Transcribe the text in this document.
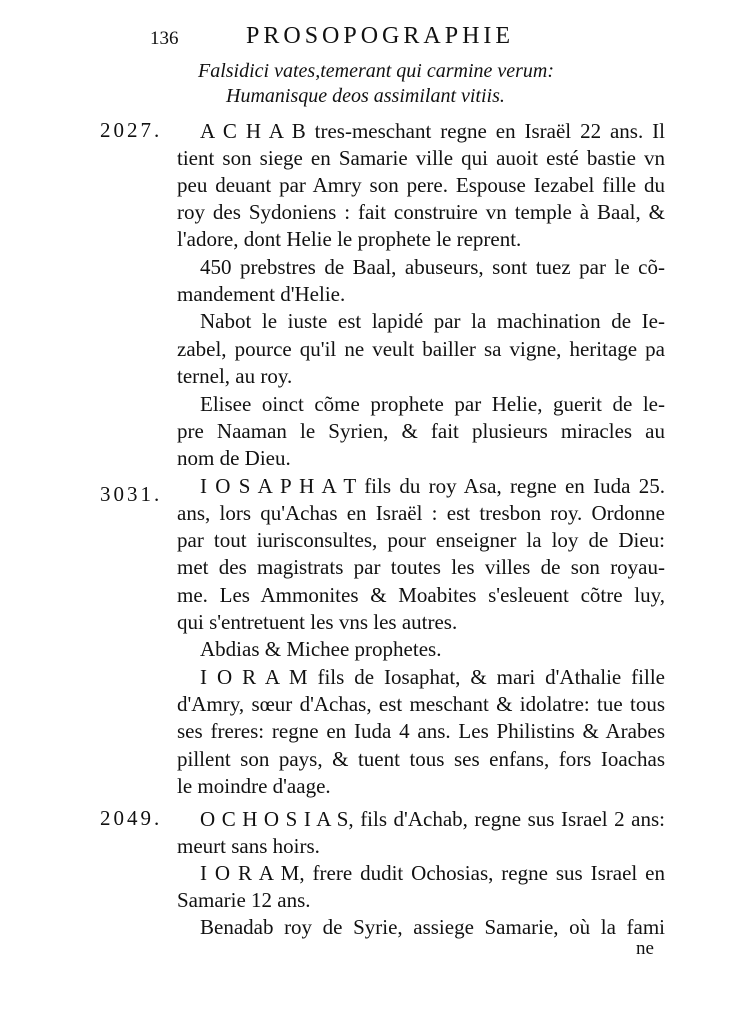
136	PROSOPOGRAPHIE
Falsidici vates,temerant qui carmine verum:
Humanisque deos assimilant vitiis.
2027.
3031.
2049.
A C H A B tres-meschant regne en Israël 22 ans. Il
tient son siege en Samarie ville qui auoit esté bastie vn
peu deuant par Amry son pere. Espouse Iezabel fille du
roy des Sydoniens : fait construire vn temple à Baal, &
l'adore, dont Helie le prophete le reprent.
450 prebstres de Baal, abuseurs, sont tuez par le cõ-
mandement d'Helie.
Nabot le iuste est lapidé par la machination de Ie-
zabel, pource qu'il ne veult bailler sa vigne, heritage pa
ternel, au roy.
Elisee oinct cõme prophete par Helie, guerit de le-
pre Naaman le Syrien, & fait plusieurs miracles au
nom de Dieu.
I O S A P H A T fils du roy Asa, regne en Iuda 25.
ans, lors qu'Achas en Israël : est tresbon roy. Ordonne
par tout iurisconsultes, pour enseigner la loy de Dieu:
met des magistrats par toutes les villes de son royau-
me. Les Ammonites & Moabites s'esleuent cõtre luy,
qui s'entretuent les vns les autres.
Abdias & Michee prophetes.
I O R A M fils de Iosaphat, & mari d'Athalie fille
d'Amry, sœur d'Achas, est meschant & idolatre: tue tous
ses freres: regne en Iuda 4 ans. Les Philistins & Arabes
pillent son pays, & tuent tous ses enfans, fors Ioachas
le moindre d'aage.
O C H O S I A S, fils d'Achab, regne sus Israel 2 ans:
meurt sans hoirs.
I O R A M, frere dudit Ochosias, regne sus Israel en
Samarie 12 ans.
Benadab roy de Syrie, assiege Samarie, où la fami
ne
